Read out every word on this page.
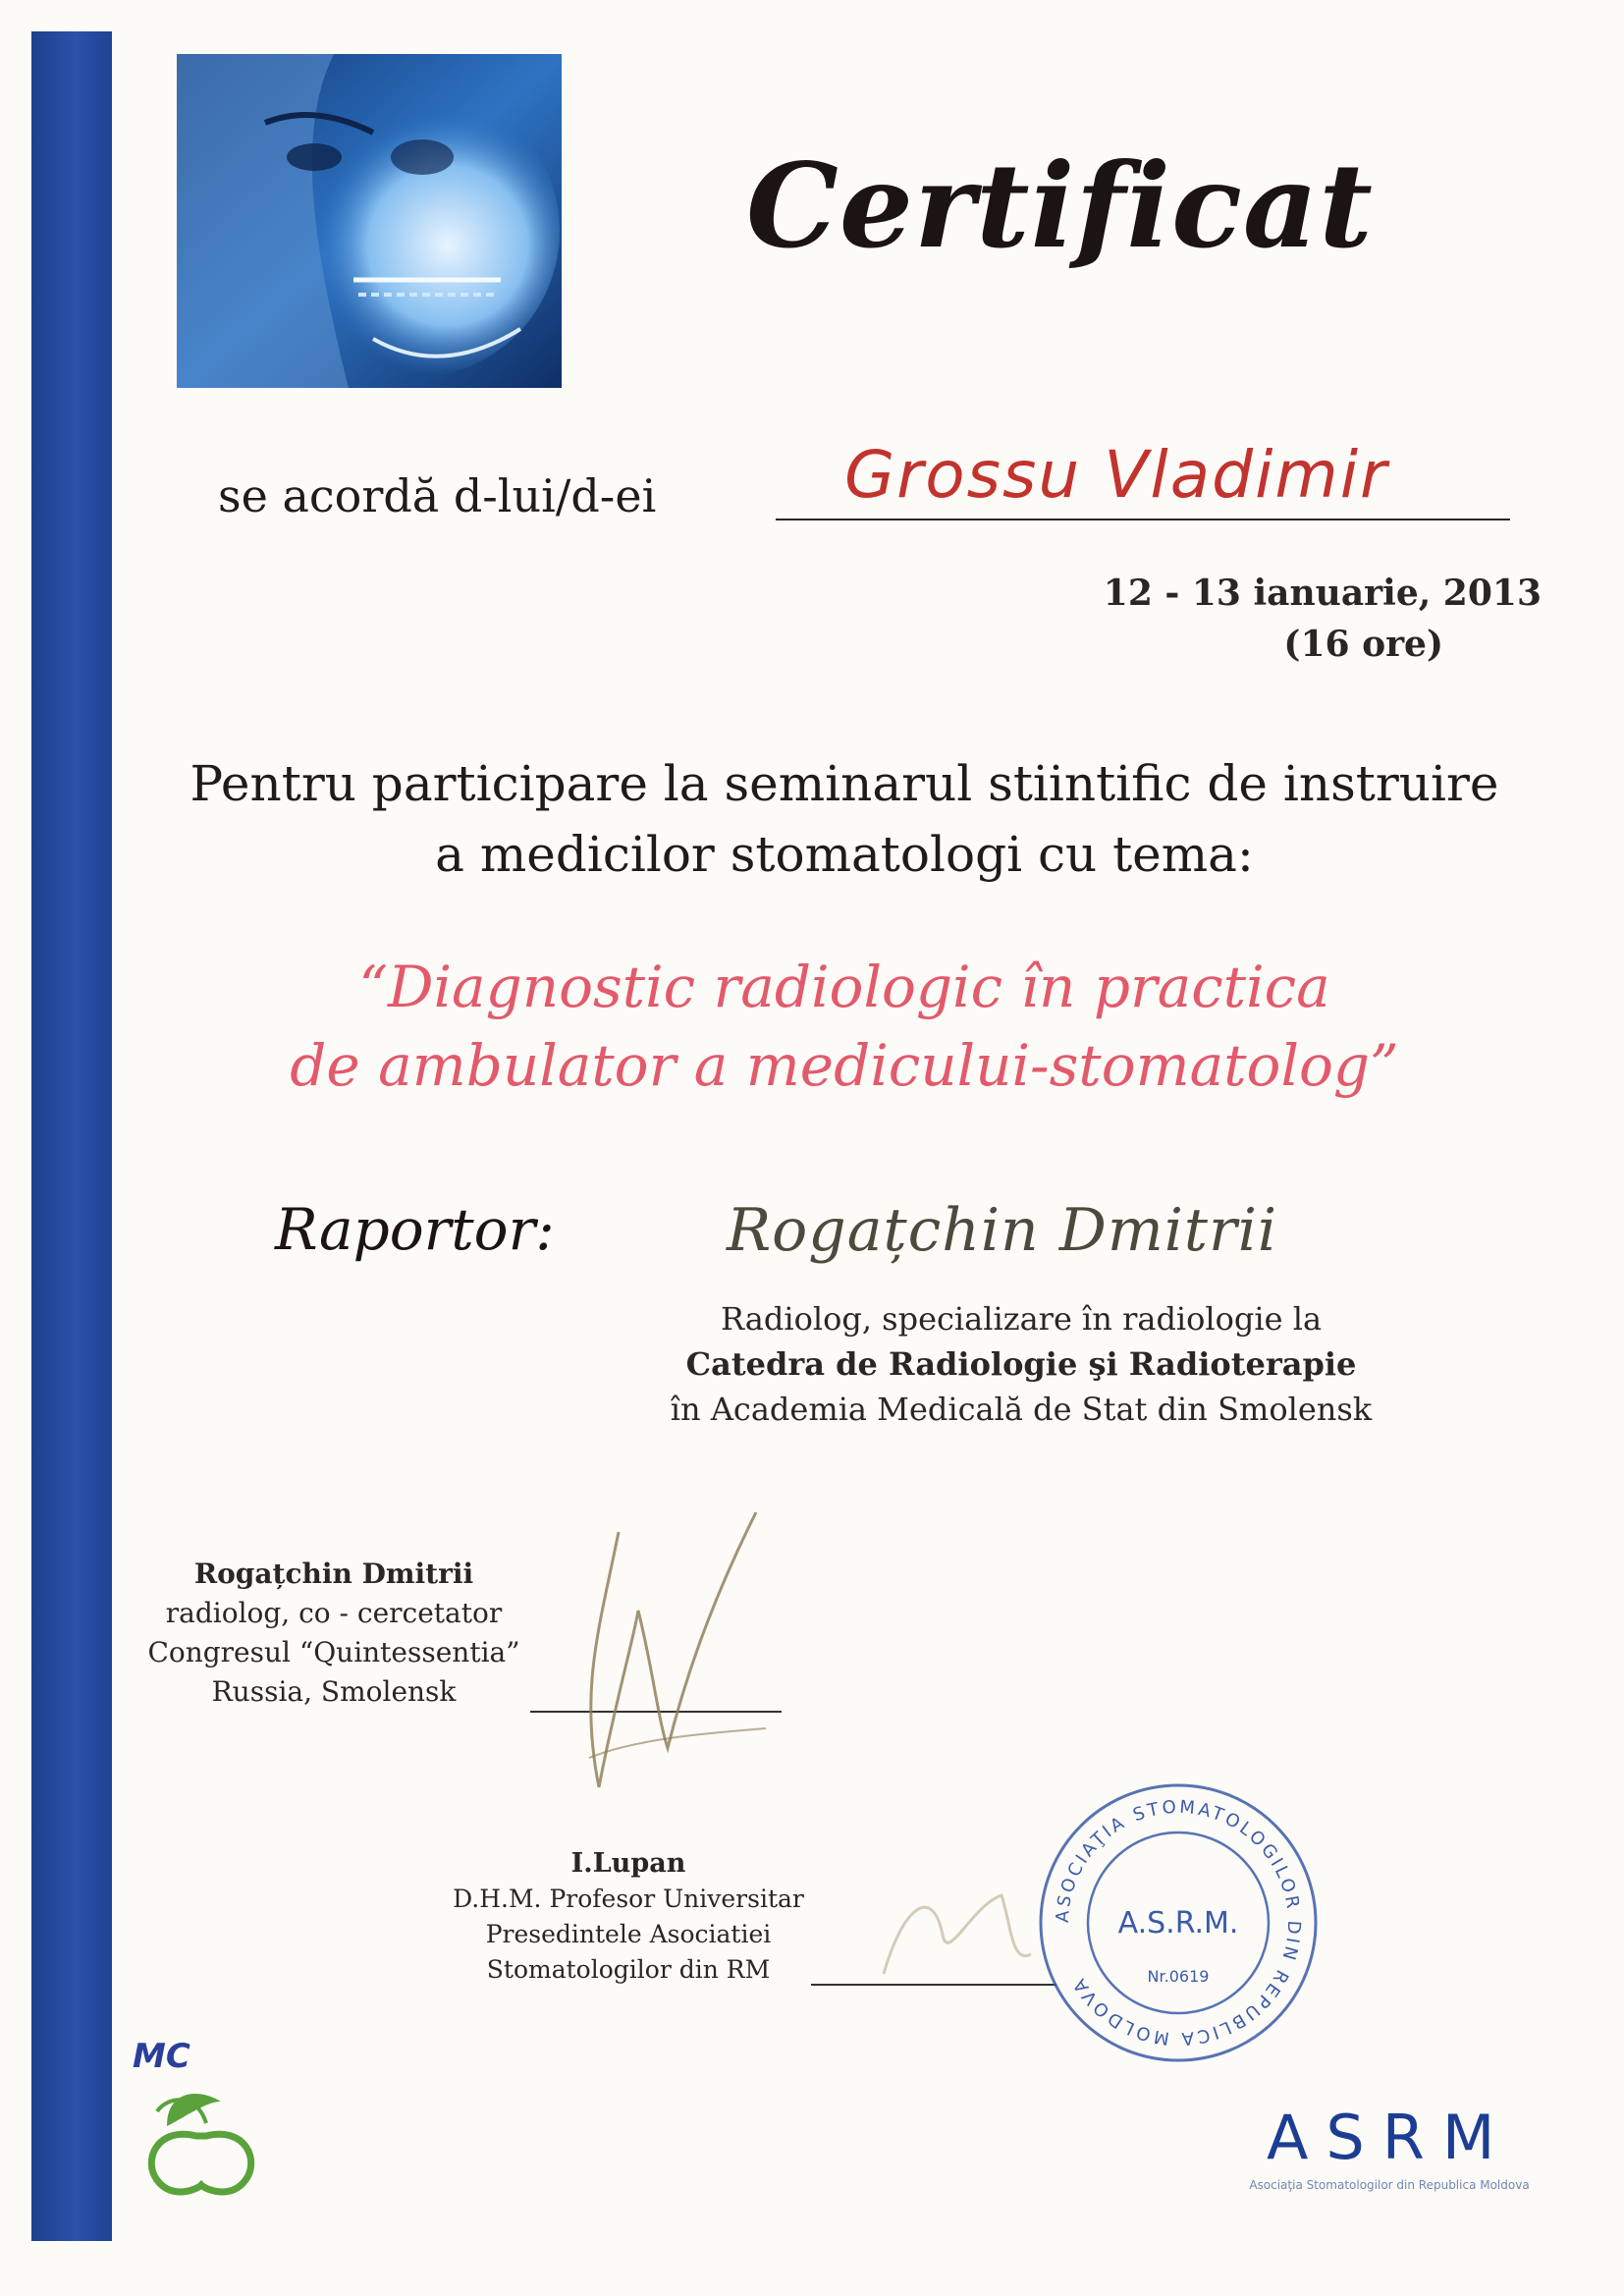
Certificat
se acordă d-lui/d-ei	Grossu Vladimir
12 - 13 ianuarie, 2013

(16 ore)
Pentru participare la seminarul stiintific de instruire
a medicilor stomatologi cu tema:
“Diagnostic radiologic în practica
de ambulator a medicului-stomatolog”
Raportor:	Rogațchin Dmitrii
Radiolog, specializare în radiologie la
Catedra de Radiologie şi Radioterapie
în Academia Medicală de Stat din Smolensk
Rogațchin Dmitrii
radiolog, co - cercetator
Congresul “Quintessentia”
Russia, Smolensk
I.Lupan
D.H.M. Profesor Universitar
Presedintele Asociatiei
Stomatologilor din RM
ASOCIAŢIA STOMATOLOGILOR DIN REPUBLICA MOLDOVA
A.S.R.M.
Nr.0619
MC
ASRM
Asociaţia Stomatologilor din Republica Moldova
